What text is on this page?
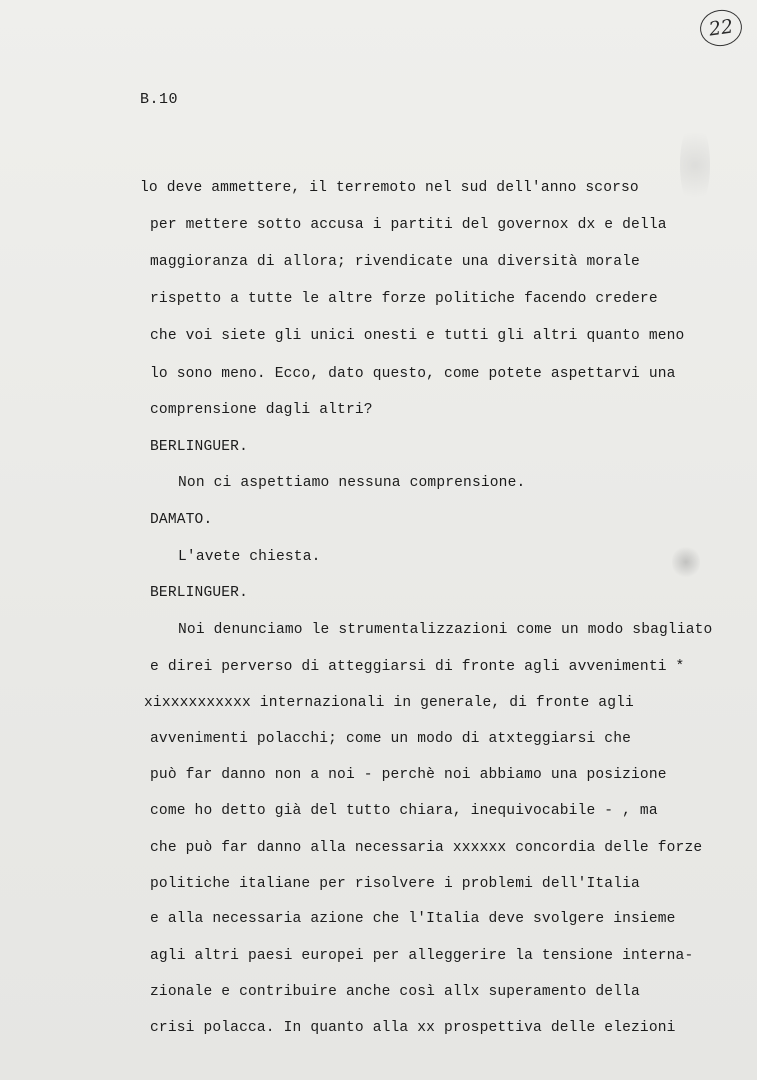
22
B.10
lo deve ammettere, il terremoto nel sud dell'anno scorso
per mettere sotto accusa i partiti del governox dx e della
maggioranza di allora; rivendicate una diversità morale
rispetto a tutte le altre forze politiche facendo credere
che voi siete gli unici onesti e tutti gli altri quanto meno
lo sono meno. Ecco, dato questo, come potete aspettarvi una
comprensione dagli altri?
BERLINGUER.
Non ci aspettiamo nessuna comprensione.
DAMATO.
L'avete chiesta.
BERLINGUER.
Noi denunciamo le strumentalizzazioni come un modo sbagliato
e direi perverso di atteggiarsi di fronte agli avvenimenti *
xixxxxxxxxxx internazionali in generale, di fronte agli
avvenimenti polacchi; come un modo di atxteggiarsi che
può far danno non a noi - perchè noi abbiamo una posizione
come ho detto già del tutto chiara, inequivocabile - , ma
che può far danno alla necessaria xxxxxx concordia delle forze
politiche italiane per risolvere i problemi dell'Italia
e alla necessaria azione che l'Italia deve svolgere insieme
agli altri paesi europei per alleggerire la tensione interna-
zionale e contribuire anche così allx superamento della
crisi polacca. In quanto alla xx prospettiva delle elezioni
